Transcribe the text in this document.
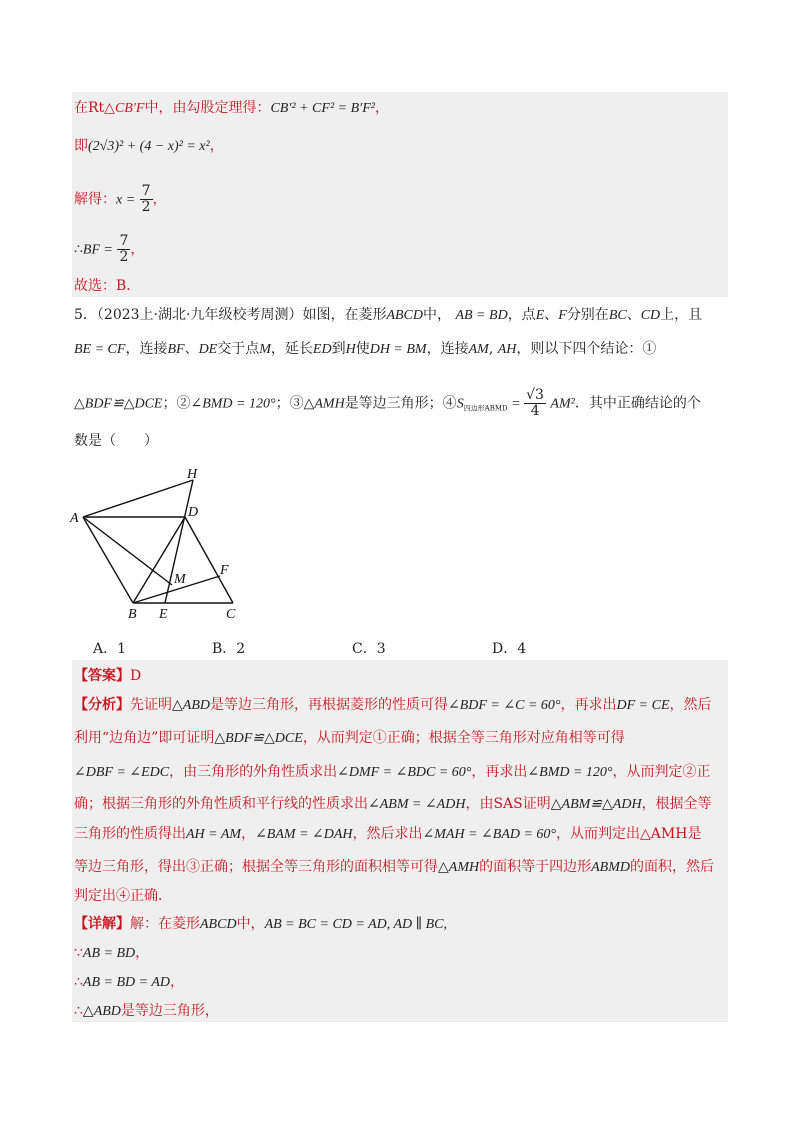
在Rt△CB′F中，由勾股定理得：CB′² + CF² = B′F²，
即(2√3)² + (4 − x)² = x²，
解得：$x = \frac{7}{2}$ ，
∴BF = $\frac{7}{2}$ ，
故选：B．
5．（2023上·湖北·九年级校考周测）如图，在菱形ABCD中， AB = BD，点E、F分别在BC、CD上，且
BE = CF，连接BF、DE交于点M，延长ED到H使DH = BM，连接AM, AH，则以下四个结论：①
△BDF≌△DCE；②∠BMD = 120°；③△AMH是等边三角形；$④S_{四边形ABMD} = \frac{√3}{4} AM^2$．其中正确结论的个
数是（　　）
H
A	D
M
F
B E	C
A．1	B．2	C．3	D．4
【答案】D
【分析】先证明△ABD是等边三角形，再根据菱形的性质可得∠BDF = ∠C = 60°，再求出DF = CE，然后
利用“边角边”即可证明△BDF≌△DCE，从而判定①正确；根据全等三角形对应角相等可得
∠DBF = ∠EDC，由三角形的外角性质求出∠DMF = ∠BDC = 60°，再求出∠BMD = 120°，从而判定②正
确；根据三角形的外角性质和平行线的性质求出∠ABM = ∠ADH，由SAS证明△ABM≌△ADH，根据全等
三角形的性质得出AH = AM，∠BAM = ∠DAH，然后求出∠MAH = ∠BAD = 60°，从而判定出△AMH是
等边三角形，得出③正确；根据全等三角形的面积相等可得△AMH的面积等于四边形ABMD的面积，然后
判定出④正确．
【详解】解：在菱形ABCD中，AB = BC = CD = AD, AD ∥ BC,
∵AB = BD，
∴AB = BD = AD，
∴△ABD是等边三角形，
